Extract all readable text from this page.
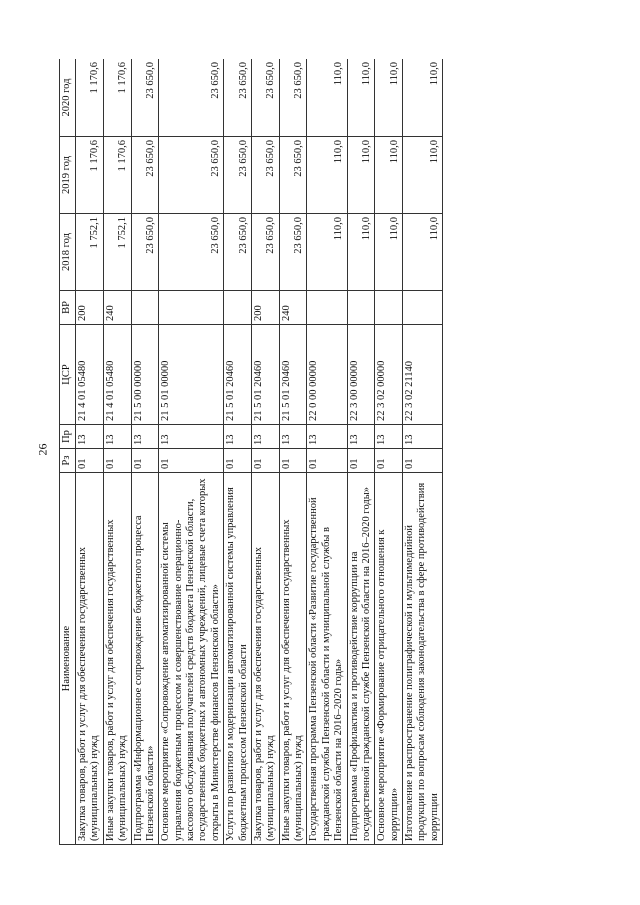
26
Наименование	Рз	Пр	ЦСР	ВР	2018 год	2019 год	2020 год
Закупка товаров, работ и услуг для обеспечения государственных (муниципальных) нужд	01	13	21 4 01 05480	200	1 752,1	1 170,6	1 170,6
Иные закупки товаров, работ и услуг для обеспечения государственных (муниципальных) нужд	01	13	21 4 01 05480	240	1 752,1	1 170,6	1 170,6
Подпрограмма «Информационное сопровождение бюджетного процесса Пензенской области»	01	13	21 5 00 00000		23 650,0	23 650,0	23 650,0
Основное мероприятие «Сопровождение автоматизированной системы управления бюджетным процессом и совершенствование операционно-кассового обслуживания получателей средств бюджета Пензенской области, государственных бюджетных и автономных учреждений, лицевые счета которых открыты в Министерстве финансов Пензенской области»	01	13	21 5 01 00000		23 650,0	23 650,0	23 650,0
Услуги по развитию и модернизации автоматизированной системы управления бюджетным процессом Пензенской области	01	13	21 5 01 20460		23 650,0	23 650,0	23 650,0
Закупка товаров, работ и услуг для обеспечения государственных (муниципальных) нужд	01	13	21 5 01 20460	200	23 650,0	23 650,0	23 650,0
Иные закупки товаров, работ и услуг для обеспечения государственных (муниципальных) нужд	01	13	21 5 01 20460	240	23 650,0	23 650,0	23 650,0
Государственная программа Пензенской области «Развитие государственной гражданской службы Пензенской области и муниципальной службы в Пензенской области на 2016–2020 годы»	01	13	22 0 00 00000		110,0	110,0	110,0
Подпрограмма «Профилактика и противодействие коррупции на государственной гражданской службе Пензенской области на 2016–2020 годы»	01	13	22 3 00 00000		110,0	110,0	110,0
Основное мероприятие «Формирование отрицательного отношения к коррупции»	01	13	22 3 02 00000		110,0	110,0	110,0
Изготовление и распространение полиграфической и мультимедийной продукции по вопросам соблюдения законодательства в сфере противодействия коррупции	01	13	22 3 02 21140		110,0	110,0	110,0
